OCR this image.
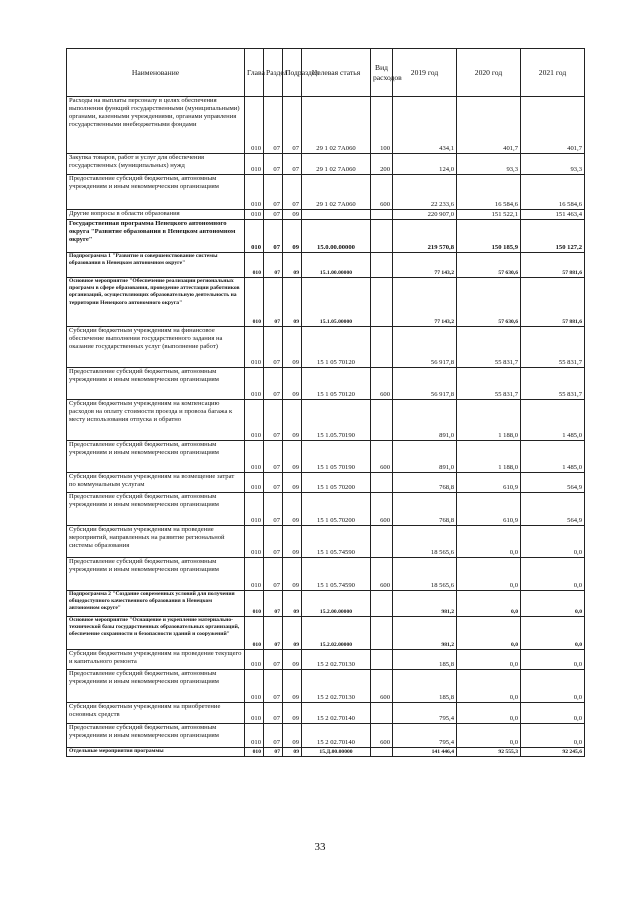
Наименование	Глава	Раздел	Подраздел	Целевая статья	Вид расходов	2019 год	2020 год	2021 год
Расходы на выплаты персоналу в целях обеспечения выполнения функций государственными (муниципальными) органами, казенными учреждениями, органами управления государственными внебюджетными фондами	010	07	07	29 1 02 7А060	100	434,1	401,7	401,7
Закупка товаров, работ и услуг для обеспечения государственных (муниципальных) нужд	010	07	07	29 1 02 7А060	200	124,0	93,3	93,3
Предоставление субсидий бюджетным, автономным учреждениям и иным некоммерческим организациям	010	07	07	29 1 02 7А060	600	22 233,6	16 584,6	16 584,6
Другие вопросы в области образования	010	07	09			220 907,0	151 522,1	151 463,4
Государственная программа Ненецкого автономного округа "Развитие образования в Ненецком автономном округе"	010	07	09	15.0.00.00000		219 570,8	150 185,9	150 127,2
Подпрограмма 1 "Развитие и совершенствование системы образования в Ненецком автономном округе"	010	07	09	15.1.00.00000		77 143,2	57 630,6	57 881,6
Основное мероприятие "Обеспечение реализации региональных программ в сфере образования, проведение аттестации работников организаций, осуществляющих образовательную деятельность на территории Ненецкого автономного округа"	010	07	09	15.1.05.00000		77 143,2	57 630,6	57 881,6
Субсидии бюджетным учреждениям на финансовое обеспечение выполнения государственного задания на оказание государственных услуг (выполнение работ)	010	07	09	15 1 05 70120		56 917,8	55 831,7	55 831,7
Предоставление субсидий бюджетным, автономным учреждениям и иным некоммерческим организациям	010	07	09	15 1 05 70120	600	56 917,8	55 831,7	55 831,7
Субсидии бюджетным учреждениям на компенсацию расходов на оплату стоимости проезда и провоза багажа к месту использования отпуска и обратно	010	07	09	15 1.05.70190		891,0	1 188,0	1 485,0
Предоставление субсидий бюджетным, автономным учреждениям и иным некоммерческим организациям	010	07	09	15 1 05 70190	600	891,0	1 188,0	1 485,0
Субсидии бюджетным учреждениям на возмещение затрат по коммунальным услугам	010	07	09	15 1 05 70200		768,8	610,9	564,9
Предоставление субсидий бюджетным, автономным учреждениям и иным некоммерческим организациям	010	07	09	15 1 05.70200	600	768,8	610,9	564,9
Субсидии бюджетным учреждениям на проведение мероприятий, направленных на развитие региональной системы образования	010	07	09	15 1 05.74590		18 565,6	0,0	0,0
Предоставление субсидий бюджетным, автономным учреждениям и иным некоммерческим организациям	010	07	09	15 1 05.74590	600	18 565,6	0,0	0,0
Подпрограмма 2 "Создание современных условий для получения общедоступного качественного образования в Ненецком автономном округе"	010	07	09	15.2.00.00000		981,2	0,0	0,0
Основное мероприятие "Оснащение и укрепление материально-технической базы государственных образовательных организаций, обеспечение сохранности и безопасности зданий и сооружений"	010	07	09	15.2.02.00000		981,2	0,0	0,0
Субсидии бюджетным учреждениям на проведение текущего и капитального ремонта	010	07	09	15 2 02.70130		185,8	0,0	0,0
Предоставление субсидий бюджетным, автономным учреждениям и иным некоммерческим организациям	010	07	09	15 2 02.70130	600	185,8	0,0	0,0
Субсидии бюджетным учреждениям на приобретение основных средств	010	07	09	15 2 02.70140		795,4	0,0	0,0
Предоставление субсидий бюджетным, автономным учреждениям и иным некоммерческим организациям	010	07	09	15 2 02.70140	600	795,4	0,0	0,0
Отдельные мероприятия программы	010	07	09	15.Д.00.00000		141 446,4	92 555,3	92 245,6
33
